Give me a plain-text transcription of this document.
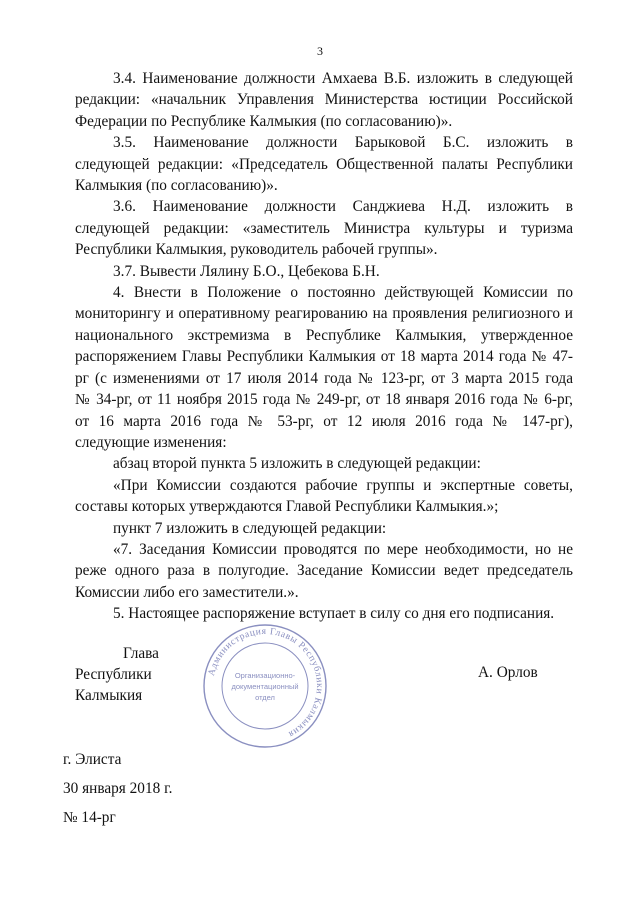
3

3.4. Наименование должности Амхаева В.Б. изложить в следующей
редакции: «начальник Управления Министерства юстиции Российской
Федерации по Республике Калмыкия (по согласованию)».

3.5. Наименование должности Барыковой Б.С. изложить в
следующей редакции: «Председатель Общественной палаты Республики
Калмыкия (по согласованию)».

3.6. Наименование должности Санджиева Н.Д. изложить в
следующей редакции: «заместитель Министра культуры и туризма
Республики Калмыкия, руководитель рабочей группы».

3.7. Вывести Лялину Б.О., Цебекова Б.Н.

4. Внести в Положение о постоянно действующей Комиссии по
мониторингу и оперативному реагированию на проявления религиозного и
национального экстремизма в Республике Калмыкия, утвержденное
распоряжением Главы Республики Калмыкия от 18 марта 2014 года № 47-
рг (с изменениями от 17 июля 2014 года № 123-рг, от 3 марта 2015 года
№ 34-рг, от 11 ноября 2015 года № 249-рг, от 18 января 2016 года № 6-рг,
от 16 марта 2016 года № 53-рг, от 12 июля 2016 года № 147-рг),
следующие изменения:

абзац второй пункта 5 изложить в следующей редакции:

«При Комиссии создаются рабочие группы и экспертные советы,
составы которых утверждаются Главой Республики Калмыкия.»;

пункт 7 изложить в следующей редакции:

«7. Заседания Комиссии проводятся по мере необходимости, но не
реже одного раза в полугодие. Заседание Комиссии ведет председатель
Комиссии либо его заместители.».

5. Настоящее распоряжение вступает в силу со дня его подписания.

Администрация Главы Республики Калмыкия
Организационно-
документационный
отдел
Глава
Республики Калмыкия
А. Орлов
г. Элиста
30 января 2018 г.
№ 14-рг
